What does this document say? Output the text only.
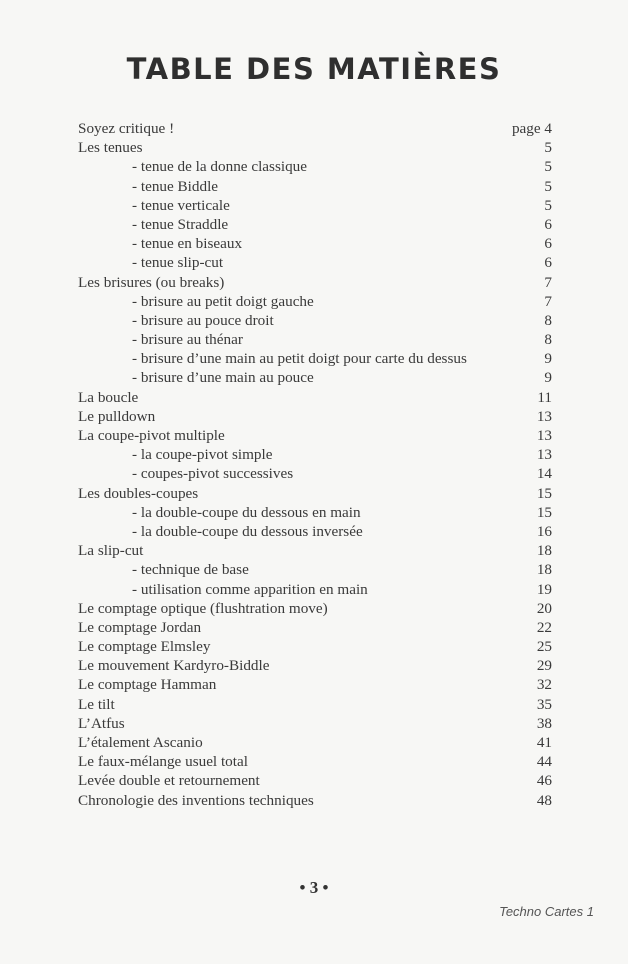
TABLE DES MATIÈRES
Soyez critique !	page 4
Les tenues	5
- tenue de la donne classique	5
- tenue Biddle	5
- tenue verticale	5
- tenue Straddle	6
- tenue en biseaux	6
- tenue slip-cut	6
Les brisures (ou breaks)	7
- brisure au petit doigt gauche	7
- brisure au pouce droit	8
- brisure au thénar	8
- brisure d’une main au petit doigt pour carte du dessus	9
- brisure d’une main au pouce	9
La boucle	11
Le pulldown	13
La coupe-pivot multiple	13
- la coupe-pivot simple	13
- coupes-pivot successives	14
Les doubles-coupes	15
- la double-coupe du dessous en main	15
- la double-coupe du dessous inversée	16
La slip-cut	18
- technique de base	18
- utilisation comme apparition en main	19
Le comptage optique (flushtration move)	20
Le comptage Jordan	22
Le comptage Elmsley	25
Le mouvement Kardyro-Biddle	29
Le comptage Hamman	32
Le tilt	35
L’Atfus	38
L’étalement Ascanio	41
Le faux-mélange usuel total	44
Levée double et retournement	46
Chronologie des inventions techniques	48
• 3 •
Techno Cartes 1
